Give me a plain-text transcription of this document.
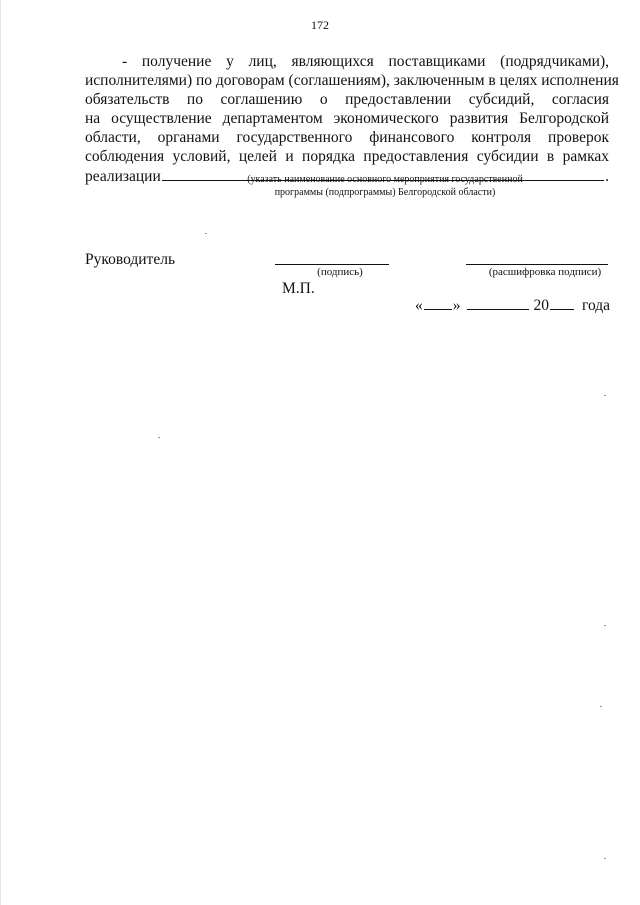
172
- получение у лиц, являющихся поставщиками (подрядчиками),
исполнителями) по договорам (соглашениям), заключенным в целях исполнения
обязательств по соглашению о предоставлении субсидий, согласия
на осуществление департаментом экономического развития Белгородской
области, органами государственного финансового контроля проверок
соблюдения условий, целей и порядка предоставления субсидии в рамках
реализации	.
(указать наименование основного мероприятия государственной
программы (подпрограммы) Белгородской области)
Руководитель
(подпись)	(расшифровка подписи)
М.П.
« »	20 года
